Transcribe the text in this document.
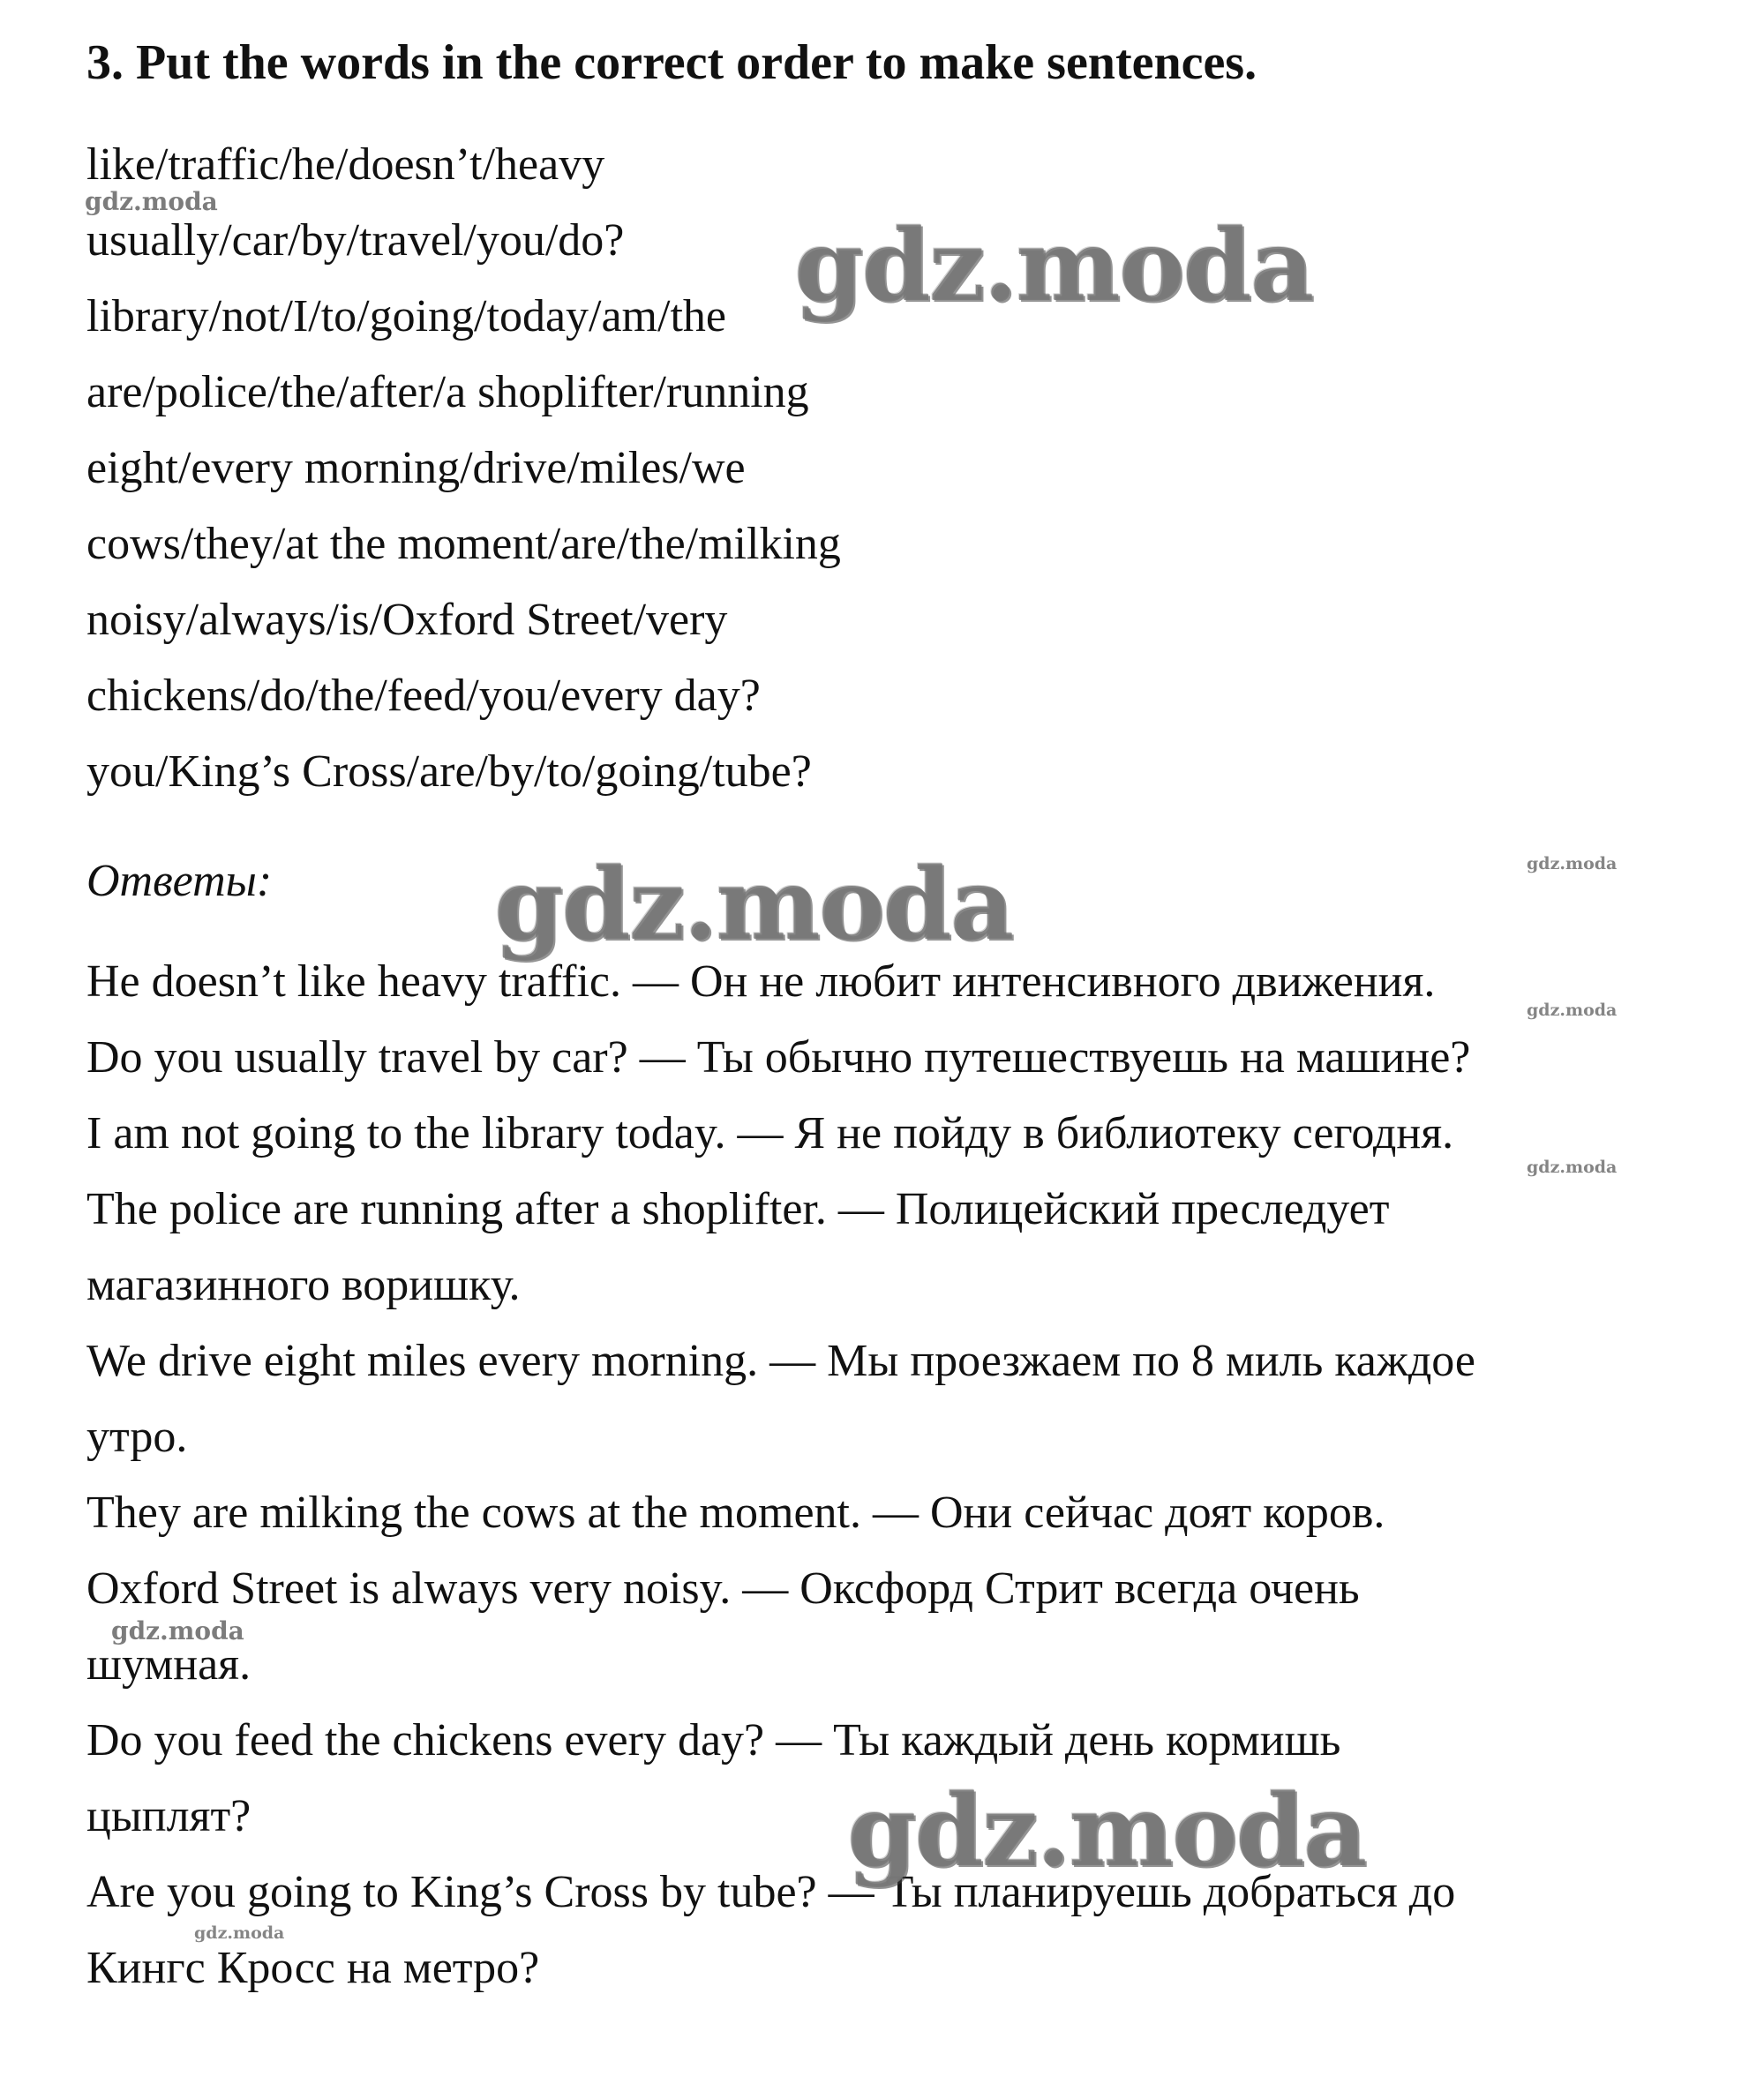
3. Put the words in the correct order to make sentences.
like/traffic/he/doesn’t/heavy
usually/car/by/travel/you/do?
library/not/I/to/going/today/am/the
are/police/the/after/a shoplifter/running
eight/every morning/drive/miles/we
cows/they/at the moment/are/the/milking
noisy/always/is/Oxford Street/very
chickens/do/the/feed/you/every day?
you/King’s Cross/are/by/to/going/tube?
Ответы:
He doesn’t like heavy traffic. — Он не любит интенсивного движения.
Do you usually travel by car? — Ты обычно путешествуешь на машине?
I am not going to the library today. — Я не пойду в библиотеку сегодня.
The police are running after a shoplifter. — Полицейский преследует
магазинного воришку.
We drive eight miles every morning. — Мы проезжаем по 8 миль каждое
утро.
They are milking the cows at the moment. — Они сейчас доят коров.
Oxford Street is always very noisy. — Оксфорд Стрит всегда очень
шумная.
Do you feed the chickens every day? — Ты каждый день кормишь
цыплят?
Are you going to King’s Cross by tube? — Ты планируешь добраться до
Кингс Кросс на метро?
gdz.moda
gdz.moda
gdz.moda
gdz.moda
gdz.moda
gdz.moda
gdz.moda
gdz.moda
gdz.moda
